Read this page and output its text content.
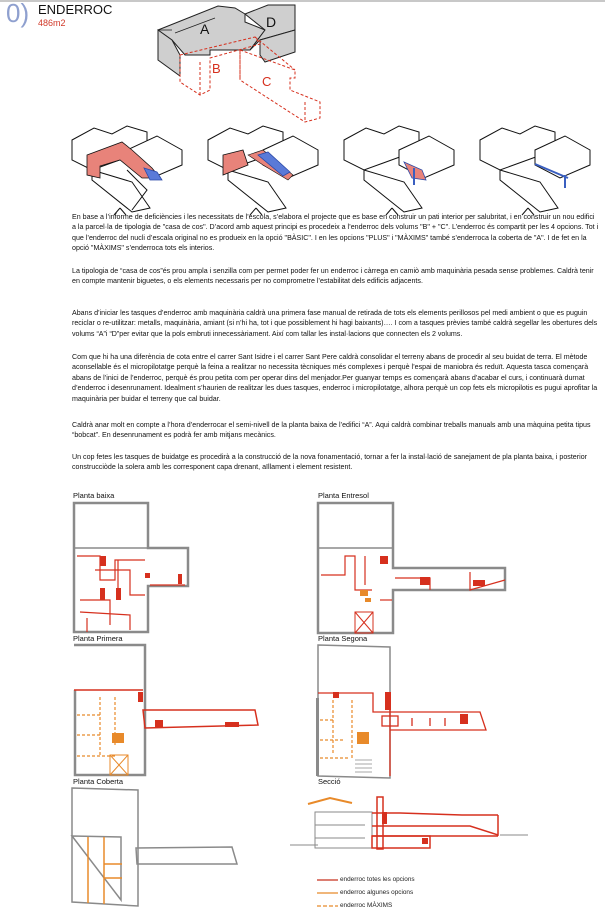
0) ENDERROC
486m2	A	D
B
C

En base a l’informe de deficiències i les necessitats de l’escola, s’elabora el projecte que es base en construir un pati interior per salubritat, i en construir un nou edifici a la parcel·la de tipologia de "casa de cos". D’acord amb aquest principi es procedeix a l’enderroc dels volums "B" + "C". L’enderroc és compartit per les 4 opcions. Tot i que l’enderroc del nucli d’escala original no es produeix en la opció "BÀSIC". I en les opcions "PLUS" i "MÀXIMS" també s’enderroca la coberta de "A". I de fet en la opció "MÀXIMS" s’enderroca tots els interios.

La tipologia de “casa de cos”és prou ampla i senzilla com per permet poder fer un enderroc i càrrega en camiò amb maquinària pesada sense problemes. Caldrà tenir en compte mantenir biguetes, o els elements necessaris per no comprometre l’estabilitat dels edificis adjacents.

Abans d’iniciar les tasques d’enderroc amb maquinària caldrà una primera fase manual de retirada de tots els elements perillosos pel medi ambient o que es puguin reciclar o re-utilitzar: metalls, maquinària, amiant (si n’hi ha, tot i que possiblement hi hagi baixants)…. I com a tasques prèvies també caldrà segellar les obertures dels volums “A”i “D”per evitar que la pols embruti innecessàriament. Així com tallar les instal·lacions que connecten els 2 volums.

Com que hi ha una diferència de cota entre el carrer Sant Isidre i el carrer Sant Pere caldrà consolidar el terreny abans de procedir al seu buidat de terra. El mètode aconsellable és el micropilotatge perquè la feina a realitzar no necessita tècniques més complexes i perquè l’espai de maniobra és reduït. Aquesta tasca començarà abans de l’inici de l’enderroc, perquè és prou petita com per operar dins del menjador.Per guanyar temps es començarà abans d’acabar el curs, i continuarà durnat d’enderroc i desenrunament. Idealment s’haurien de realitzar les dues tasques, enderroc i micropilotatge, alhora perquè un cop fets els micropilotis es pugui aprofitar la maquinària per buidar el terreny que cal buidar.

Caldrà anar molt en compte a l’hora d’enderrocar el semi-nivell de la planta baixa de l’edifici “A”. Aqui caldrà combinar treballs manuals amb una màquina petita tipus “bobcat”. En desenrunament es podrà fer amb mitjans mecànics.

Un cop fetes les tasques de buidatge es procedirà a la construcció de la nova fonamentació, tornar a fer la instal·lació de sanejament de pla planta baixa, i posterior construcciòde la solera amb les corresponent capa drenant, aïllament i element resistent.

Planta baixa	Planta Entresol
Planta Primera	Planta Segona
Planta Coberta	Secció
enderroc totes les opcions
enderroc algunes opcions
enderroc MÀXIMS
